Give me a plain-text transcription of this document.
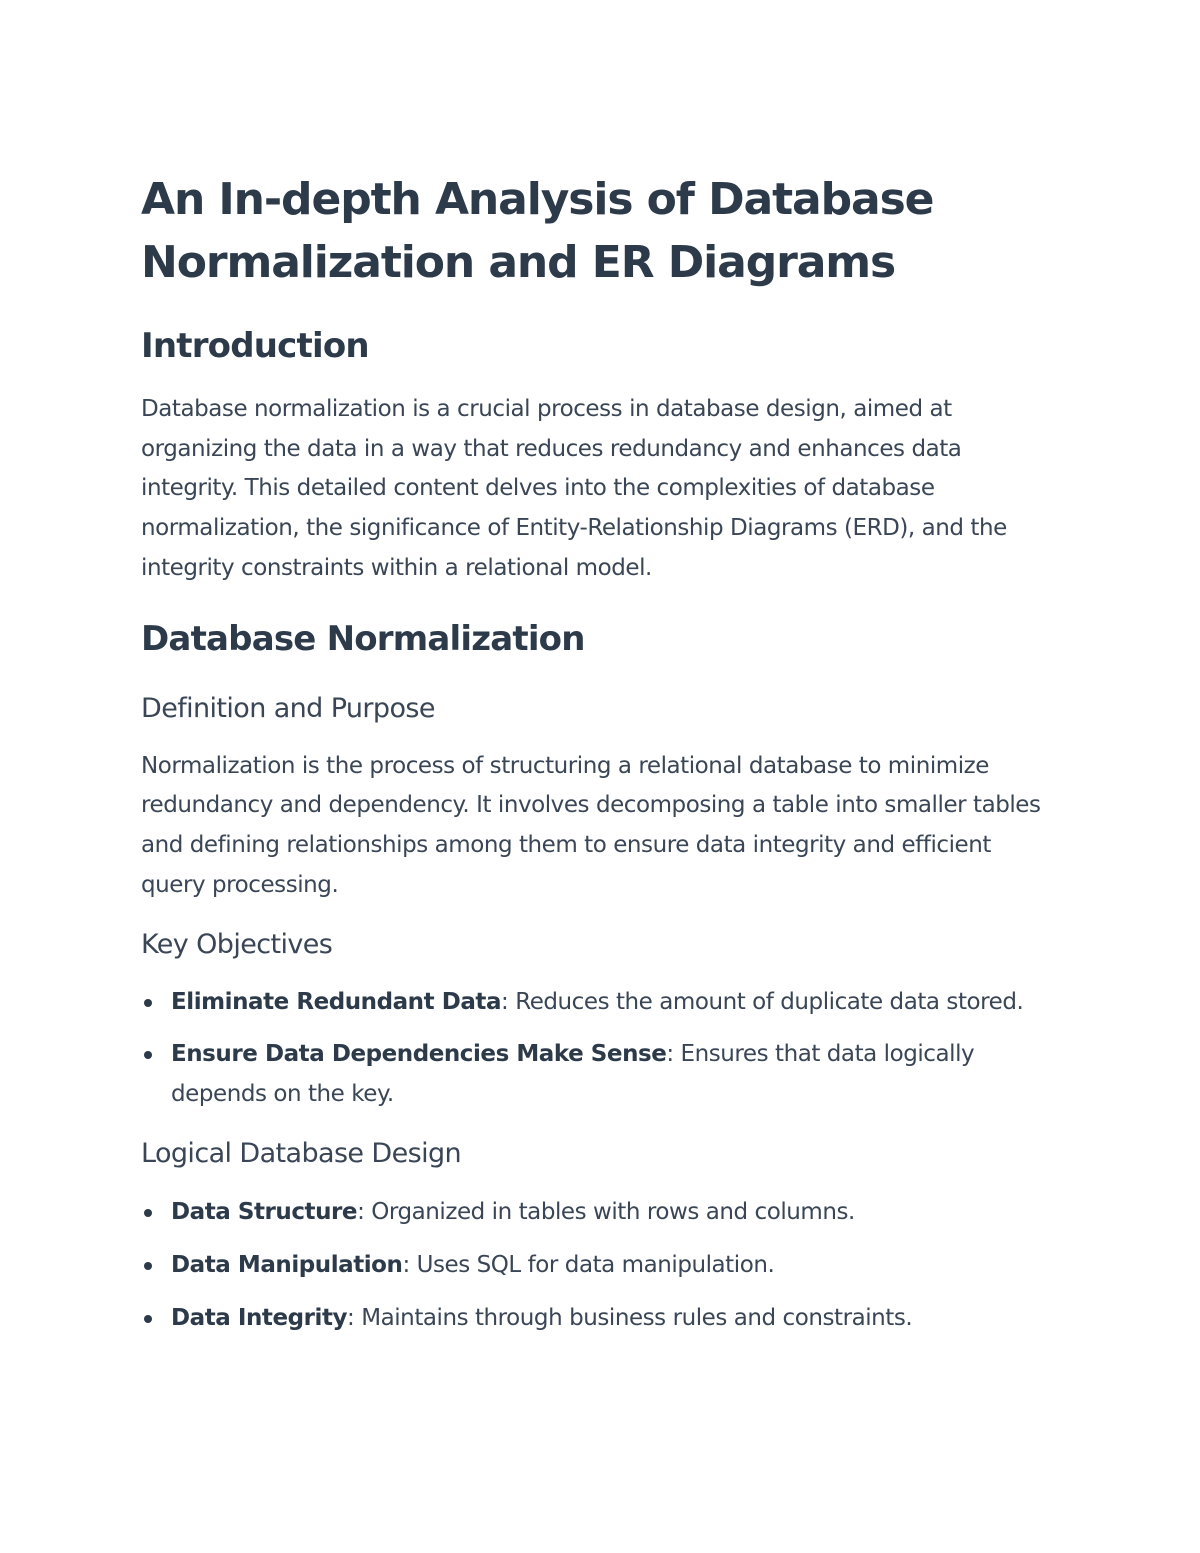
An In-depth Analysis of Database Normalization and ER Diagrams
Introduction

Database normalization is a crucial process in database design, aimed at organizing the data in a way that reduces redundancy and enhances data integrity. This detailed content delves into the complexities of database normalization, the significance of Entity-Relationship Diagrams (ERD), and the integrity constraints within a relational model.

Database Normalization
Definition and Purpose

Normalization is the process of structuring a relational database to minimize redundancy and dependency. It involves decomposing a table into smaller tables and defining relationships among them to ensure data integrity and efficient query processing.

Key Objectives
Eliminate Redundant Data: Reduces the amount of duplicate data stored.
Ensure Data Dependencies Make Sense: Ensures that data logically depends on the key.
Logical Database Design
Data Structure: Organized in tables with rows and columns.
Data Manipulation: Uses SQL for data manipulation.
Data Integrity: Maintains through business rules and constraints.
